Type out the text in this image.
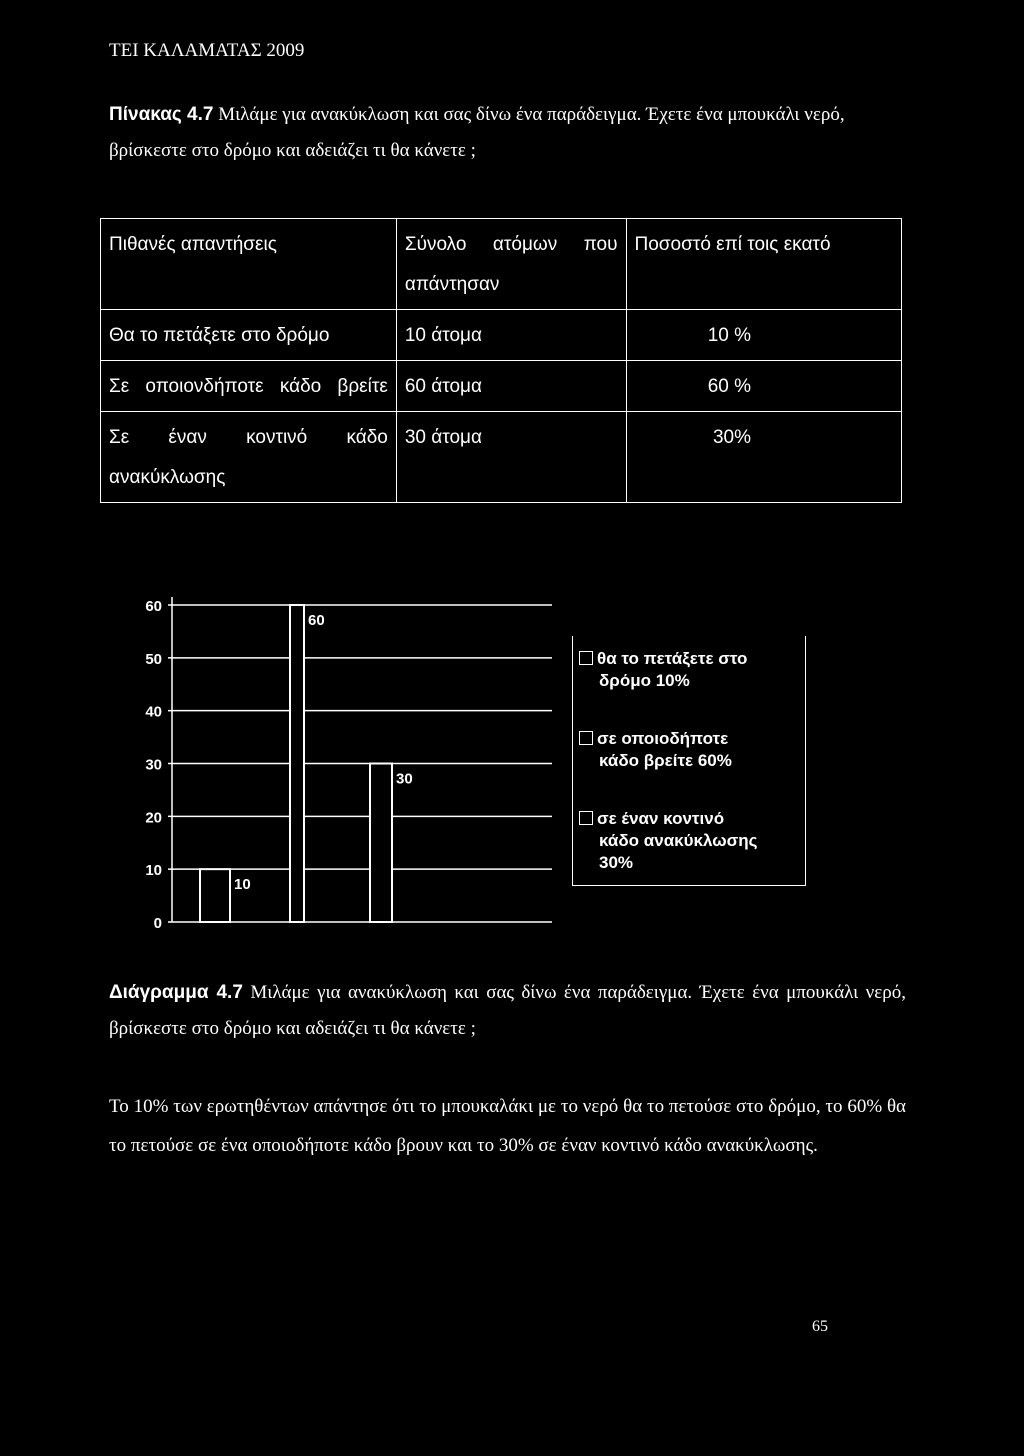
ΤΕΙ ΚΑΛΑΜΑΤΑΣ 2009
Πίνακας 4.7 Μιλάμε για ανακύκλωση και σας δίνω ένα παράδειγμα. Έχετε ένα μπουκάλι νερό, βρίσκεστε στο δρόμο και αδειάζει τι θα κάνετε ;
Πιθανές απαντήσεις	Σύνολο ατόμων που απάντησαν	Ποσοστό επί τοις εκατό
Θα το πετάξετε στο δρόμο	10 άτομα	10 %
Σε οποιονδήποτε κάδο βρείτε	60 άτομα	60 %
Σε έναν κοντινό κάδο ανακύκλωσης	30 άτομα	30%
0
10
20
30
40
50
60
10
60
30
θα το πετάξετε στο
δρόμο 10%
σε οποιοδήποτε
κάδο βρείτε 60%
σε έναν κοντινό
κάδο ανακύκλωσης
30%
Διάγραμμα 4.7 Μιλάμε για ανακύκλωση και σας δίνω ένα παράδειγμα. Έχετε ένα μπουκάλι νερό, βρίσκεστε στο δρόμο και αδειάζει τι θα κάνετε ;
Το 10% των ερωτηθέντων απάντησε ότι το μπουκαλάκι με το νερό θα το πετούσε στο δρόμο, το 60% θα το πετούσε σε ένα οποιοδήποτε κάδο βρουν και το 30% σε έναν κοντινό κάδο ανακύκλωσης.
65
